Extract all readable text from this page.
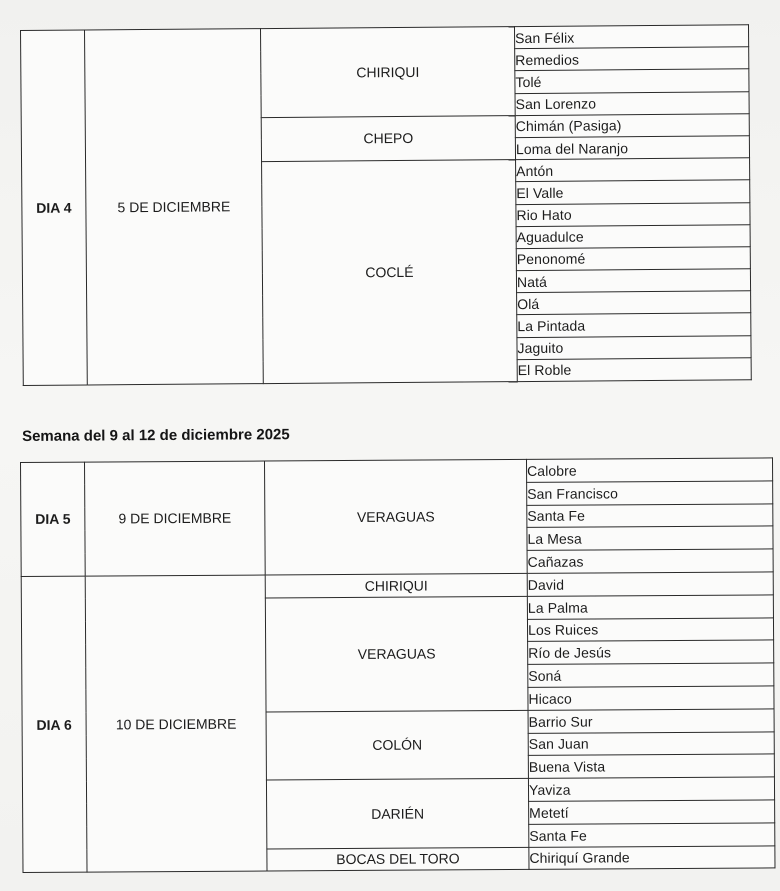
DIA 4	5 DE DICIEMBRE	CHIRIQUI	San Félix
			Remedios
			Tolé
			San Lorenzo
		CHEPO	Chimán (Pasiga)
			Loma del Naranjo
		COCLÉ	Antón
			El Valle
			Rio Hato
			Aguadulce
			Penonomé
			Natá
			Olá
			La Pintada
			Jaguito
			El Roble
Semana del 9 al 12 de diciembre 2025
DIA 5	9 DE DICIEMBRE	VERAGUAS	Calobre
			San Francisco
			Santa Fe
			La Mesa
			Cañazas
DIA 6	10 DE DICIEMBRE	CHIRIQUI	David
		VERAGUAS	La Palma
			Los Ruices
			Río de Jesús
			Soná
			Hicaco
		COLÓN	Barrio Sur
			San Juan
			Buena Vista
		DARIÉN	Yaviza
			Metetí
			Santa Fe
		BOCAS DEL TORO	Chiriquí Grande
